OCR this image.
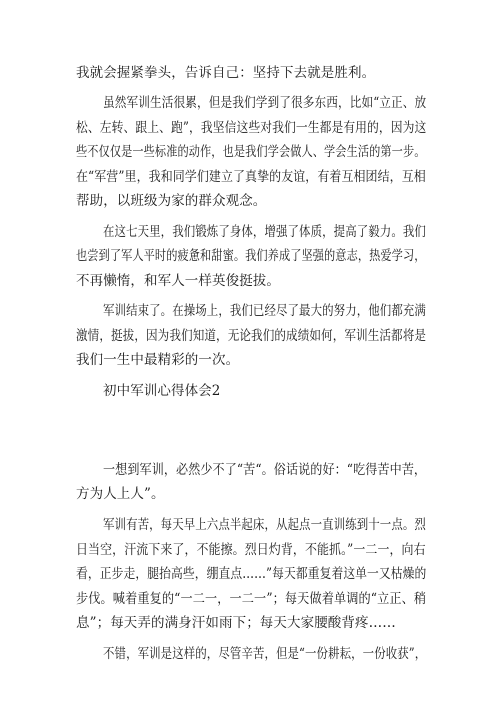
我就会握紧拳头，告诉自己：坚持下去就是胜利。

虽然军训生活很累，但是我们学到了很多东西，比如“立正、放

松、左转、跟上、跑”，我坚信这些对我们一生都是有用的，因为这

些不仅仅是一些标准的动作，也是我们学会做人、学会生活的第一步。

在“军营”里，我和同学们建立了真挚的友谊，有着互相团结，互相

帮助，以班级为家的群众观念。

在这七天里，我们锻炼了身体，增强了体质，提高了毅力。我们

也尝到了军人平时的疲惫和甜蜜。我们养成了坚强的意志，热爱学习，

不再懒惰，和军人一样英俊挺拔。

军训结束了。在操场上，我们已经尽了最大的努力，他们都充满

激情，挺拔，因为我们知道，无论我们的成绩如何，军训生活都将是

我们一生中最精彩的一次。

初中军训心得体会2

一想到军训，必然少不了“苦“。俗话说的好：“吃得苦中苦，

方为人上人”。

军训有苦，每天早上六点半起床，从起点一直训练到十一点。烈

日当空，汗流下来了，不能擦。烈日灼背，不能抓。”一二一，向右

看，正步走，腿抬高些，绷直点……”每天都重复着这单一又枯燥的

步伐。喊着重复的“一二一，一二一”；每天做着单调的“立正、稍

息”；每天弄的满身汗如雨下；每天大家腰酸背疼……

不错，军训是这样的，尽管辛苦，但是“一份耕耘，一份收获”，
